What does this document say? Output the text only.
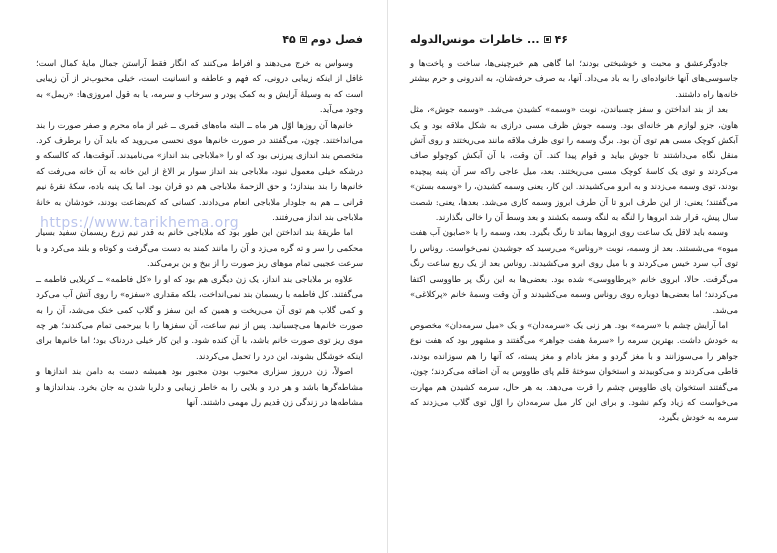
۴۵ فصل دوم

وسواس به خرج می‌دهند و افراط می‌کنند که انگار فقط آراستن جمال مایهٔ کمال است؛ غافل از اینکه زیبایی درونی، که فهم و عاطفه و انسانیت است، خیلی محبوب‌تر از آن زیبایی است که به وسیلهٔ آرایش و به کمک پودر و سرخاب و سرمه، یا به قول امروزی‌ها: «ریمل» به وجود می‌آید.

خانم‌ها آن روزها اوّل هر ماه ــ البته ماه‌های قمری ــ غیر از ماه محرم و صفر صورت را بند می‌انداختند. چون، می‌گفتند در صورت خانم‌ها موی نحسی می‌روید که باید آن را برطرف کرد. متخصص بند اندازی پیرزنی بود که او را «ملاباجی بند انداز» می‌نامیدند. آنوقت‌ها، که کالسکه و درشکه خیلی معمول نبود، ملاباجی بند انداز سوار بر الاغ از این خانه به آن خانه می‌رفت که خانم‌ها را بند بیندازد؛ و حق الزحمهٔ ملاباجی هم دو قران بود. اما یک پنبه باده، سکهٔ نقرهٔ نیم قرانی ــ هم به جلودار ملاباجی انعام می‌دادند. کسانی که کم‌بضاعت بودند، خودشان به خانهٔ ملاباجی بند انداز می‌رفتند.

اما طریقهٔ بند انداختن این طور بود که ملاباجی خانم به قدر نیم زرع ریسمان سفید بسیار محکمی را سر و ته گره می‌زد و آن را مانند کمند به دست می‌گرفت و کوتاه و بلند می‌کرد و با سرعت عجیبی تمام موهای ریز صورت را از بیخ و بن برمی‌کند.

علاوه بر ملاباجی بند انداز، یک زن دیگری هم بود که او را «کل فاطمه» ــ کربلایی فاطمه ــ می‌گفتند. کل فاطمه با ریسمان بند نمی‌انداخت، بلکه مقداری «سفزه» را روی آتش آب می‌کرد و کمی گلاب هم توی آن می‌ریخت و همین که این سفز و گلاب کمی خنک می‌شد، آن را به صورت خانم‌ها می‌چسبانید. پس از نیم ساعت، آن سفزها را با بیرحمی تمام می‌کندند؛ هر چه موی ریز توی صورت خانم باشد، با آن کنده شود. و این کار خیلی دردناک بود؛ اما خانم‌ها برای اینکه خوشگل بشوند، این درد را تحمل می‌کردند.

اصولاً، زن درروز سزاری محبوب بودن مجبور بود همیشه دست به دامن بند اندازها و مشاطه‌گرها باشد و هر درد و بلایی را به خاطر زیبایی و دلربا شدن به جان بخرد. بندانداز‌ها و مشاطه‌ها در زندگی زن قدیم رل مهمی داشتند. آنها

https://www.tarikhema.org
خاطرات مونس‌الدوله ... ۴۶

جادوگرعشق و محبت و خوشبختی بودند؛ اما گاهی هم خبرچینی‌ها، ساخت و پاخت‌ها و جاسوسی‌های آنها خانواده‌ای را به باد می‌داد. آنها، به صرف حرفه‌شان، به اندرونی و حرم بیشتر خانه‌ها راه داشتند.

بعد از بند انداختن و سفز چسباندن، نوبت «وسمه» کشیدن می‌شد. «وسمه جوش»، مثل هاون، جزو لوازم هر خانه‌ای بود. وسمه جوش ظرف مسی درازی به شکل ملاقه بود و یک آبکش کوچک مسی هم توی آن بود. برگ وسمه را توی ظرف ملاقه مانند می‌ریختند و روی آتش منقل نگاه می‌داشتند تا جوش بیاید و قوام پیدا کند. آن وقت، با آن آبکش کوچولو صاف می‌کردند و توی یک کاسهٔ کوچک مسی می‌ریختند. بعد، میل عاجی راکه سر آن پنبه پیچیده بودند، توی وسمه می‌زدند و به ابرو می‌کشیدند. این کار، یعنی وسمه کشیدن، را «وسمه بستن» می‌گفتند؛ یعنی: از این طرف ابرو تا آن طرف ابروز وسمه کاری می‌شد. بعدها، یعنی: شصت سال پیش، قرار شد ابروها را لنگه به لنگه وسمه بکشند و بعد وسط آن را خالی بگذارند.

وسمه باید لاقل یک ساعت روی ابروها بماند تا رنگ بگیرد. بعد، وسمه را با «صابون آب هفت میوه» می‌شستند. بعد از وسمه، نوبت «روناس» می‌رسید که جوشیدن نمی‌خواست. روناس را توی آب سرد خیس می‌کردند و با میل روی ابرو می‌کشیدند. روناس بعد از یک ربع ساعت رنگ می‌گرفت. حالا، ابروی خانم «پرطاووسی» شده بود. بعضی‌ها به این رنگ پر طاووسی اکتفا می‌کردند؛ اما بعضی‌ها دوباره روی روناس وسمه می‌کشیدند و آن وقت وسمهٔ خانم «پرکلاغی» می‌شد.

اما آرایش چشم با «سرمه» بود. هر زنی یک «سرمه‌دان» و یک «میل سرمه‌دان» مخصوص به خودش داشت. بهترین سرمه را «سرمهٔ هفت جواهر» می‌گفتند و مشهور بود که هفت نوع جواهر را می‌سوزانند و با مغز گردو و مغز بادام و مغز پسته، که آنها را هم سوزانده بودند، قاطی می‌کردند و می‌کوبیدند و استخوان سوختهٔ قلم پای طاووس به آن اضافه می‌کردند؛ چون، می‌گفتند استخوان پای طاووس چشم را قرت می‌دهد. به هر حال، سرمه کشیدن هم مهارت می‌خواست که زیاد وکم نشود. و برای این کار میل سرمه‌دان را اوّل توی گلاب می‌زدند که سرمه به خودش بگیرد،
